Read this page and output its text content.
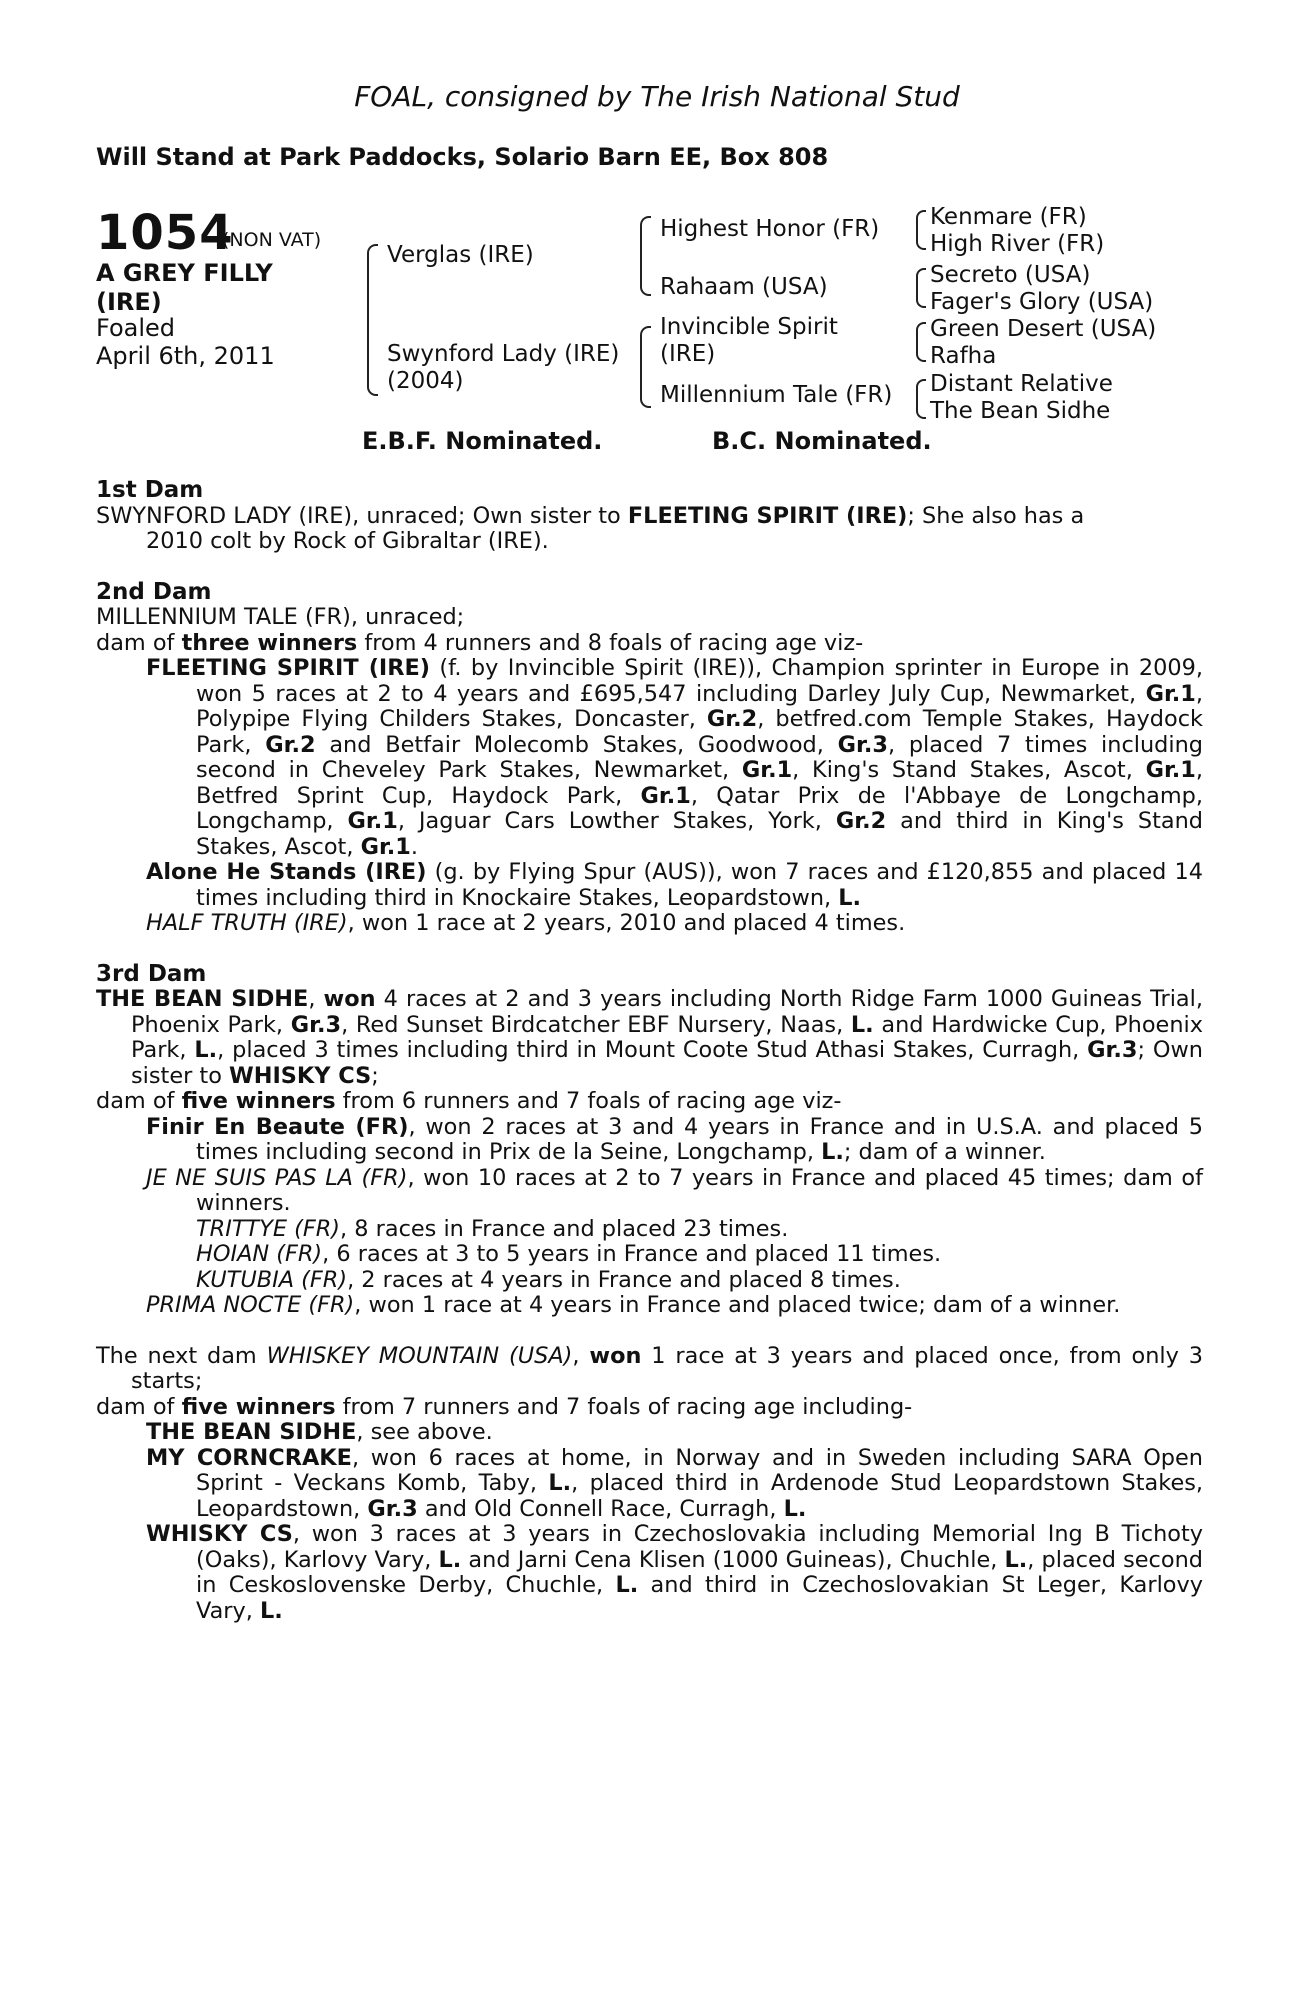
FOAL, consigned by The Irish National Stud
Will Stand at Park Paddocks, Solario Barn EE, Box 808
1054
(NON VAT)
A GREY FILLY
(IRE)
Foaled
April 6th, 2011
Verglas (IRE)
Swynford Lady (IRE)
(2004)
Highest Honor (FR)
Rahaam (USA)
Invincible Spirit
(IRE)
Millennium Tale (FR)
Kenmare (FR)
High River (FR)
Secreto (USA)
Fager's Glory (USA)
Green Desert (USA)
Rafha
Distant Relative
The Bean Sidhe
E.B.F. Nominated.	B.C. Nominated.
1st Dam

SWYNFORD LADY (IRE), unraced; Own sister to FLEETING SPIRIT (IRE); She also has a

2010 colt by Rock of Gibraltar (IRE).

2nd Dam

MILLENNIUM TALE (FR), unraced;

dam of three winners from 4 runners and 8 foals of racing age viz-

FLEETING SPIRIT (IRE) (f. by Invincible Spirit (IRE)), Champion sprinter in Europe in 2009, won 5 races at 2 to 4 years and £695,547 including Darley July Cup, Newmarket, Gr.1, Polypipe Flying Childers Stakes, Doncaster, Gr.2, betfred.com Temple Stakes, Haydock Park, Gr.2 and Betfair Molecomb Stakes, Goodwood, Gr.3, placed 7 times including second in Cheveley Park Stakes, Newmarket, Gr.1, King's Stand Stakes, Ascot, Gr.1, Betfred Sprint Cup, Haydock Park, Gr.1, Qatar Prix de l'Abbaye de Longchamp, Longchamp, Gr.1, Jaguar Cars Lowther Stakes, York, Gr.2 and third in King's Stand Stakes, Ascot, Gr.1.

Alone He Stands (IRE) (g. by Flying Spur (AUS)), won 7 races and £120,855 and placed 14 times including third in Knockaire Stakes, Leopardstown, L.

HALF TRUTH (IRE), won 1 race at 2 years, 2010 and placed 4 times.

3rd Dam

THE BEAN SIDHE, won 4 races at 2 and 3 years including North Ridge Farm 1000 Guineas Trial, Phoenix Park, Gr.3, Red Sunset Birdcatcher EBF Nursery, Naas, L. and Hardwicke Cup, Phoenix Park, L., placed 3 times including third in Mount Coote Stud Athasi Stakes, Curragh, Gr.3; Own sister to WHISKY CS;

dam of five winners from 6 runners and 7 foals of racing age viz-

Finir En Beaute (FR), won 2 races at 3 and 4 years in France and in U.S.A. and placed 5 times including second in Prix de la Seine, Longchamp, L.; dam of a winner.

JE NE SUIS PAS LA (FR), won 10 races at 2 to 7 years in France and placed 45 times; dam of winners.

TRITTYE (FR), 8 races in France and placed 23 times.

HOIAN (FR), 6 races at 3 to 5 years in France and placed 11 times.

KUTUBIA (FR), 2 races at 4 years in France and placed 8 times.

PRIMA NOCTE (FR), won 1 race at 4 years in France and placed twice; dam of a winner.

The next dam WHISKEY MOUNTAIN (USA), won 1 race at 3 years and placed once, from only 3 starts;

dam of five winners from 7 runners and 7 foals of racing age including-

THE BEAN SIDHE, see above.

MY CORNCRAKE, won 6 races at home, in Norway and in Sweden including SARA Open Sprint - Veckans Komb, Taby, L., placed third in Ardenode Stud Leopardstown Stakes, Leopardstown, Gr.3 and Old Connell Race, Curragh, L.

WHISKY CS, won 3 races at 3 years in Czechoslovakia including Memorial Ing B Tichoty (Oaks), Karlovy Vary, L. and Jarni Cena Klisen (1000 Guineas), Chuchle, L., placed second in Ceskoslovenske Derby, Chuchle, L. and third in Czechoslovakian St Leger, Karlovy Vary, L.
